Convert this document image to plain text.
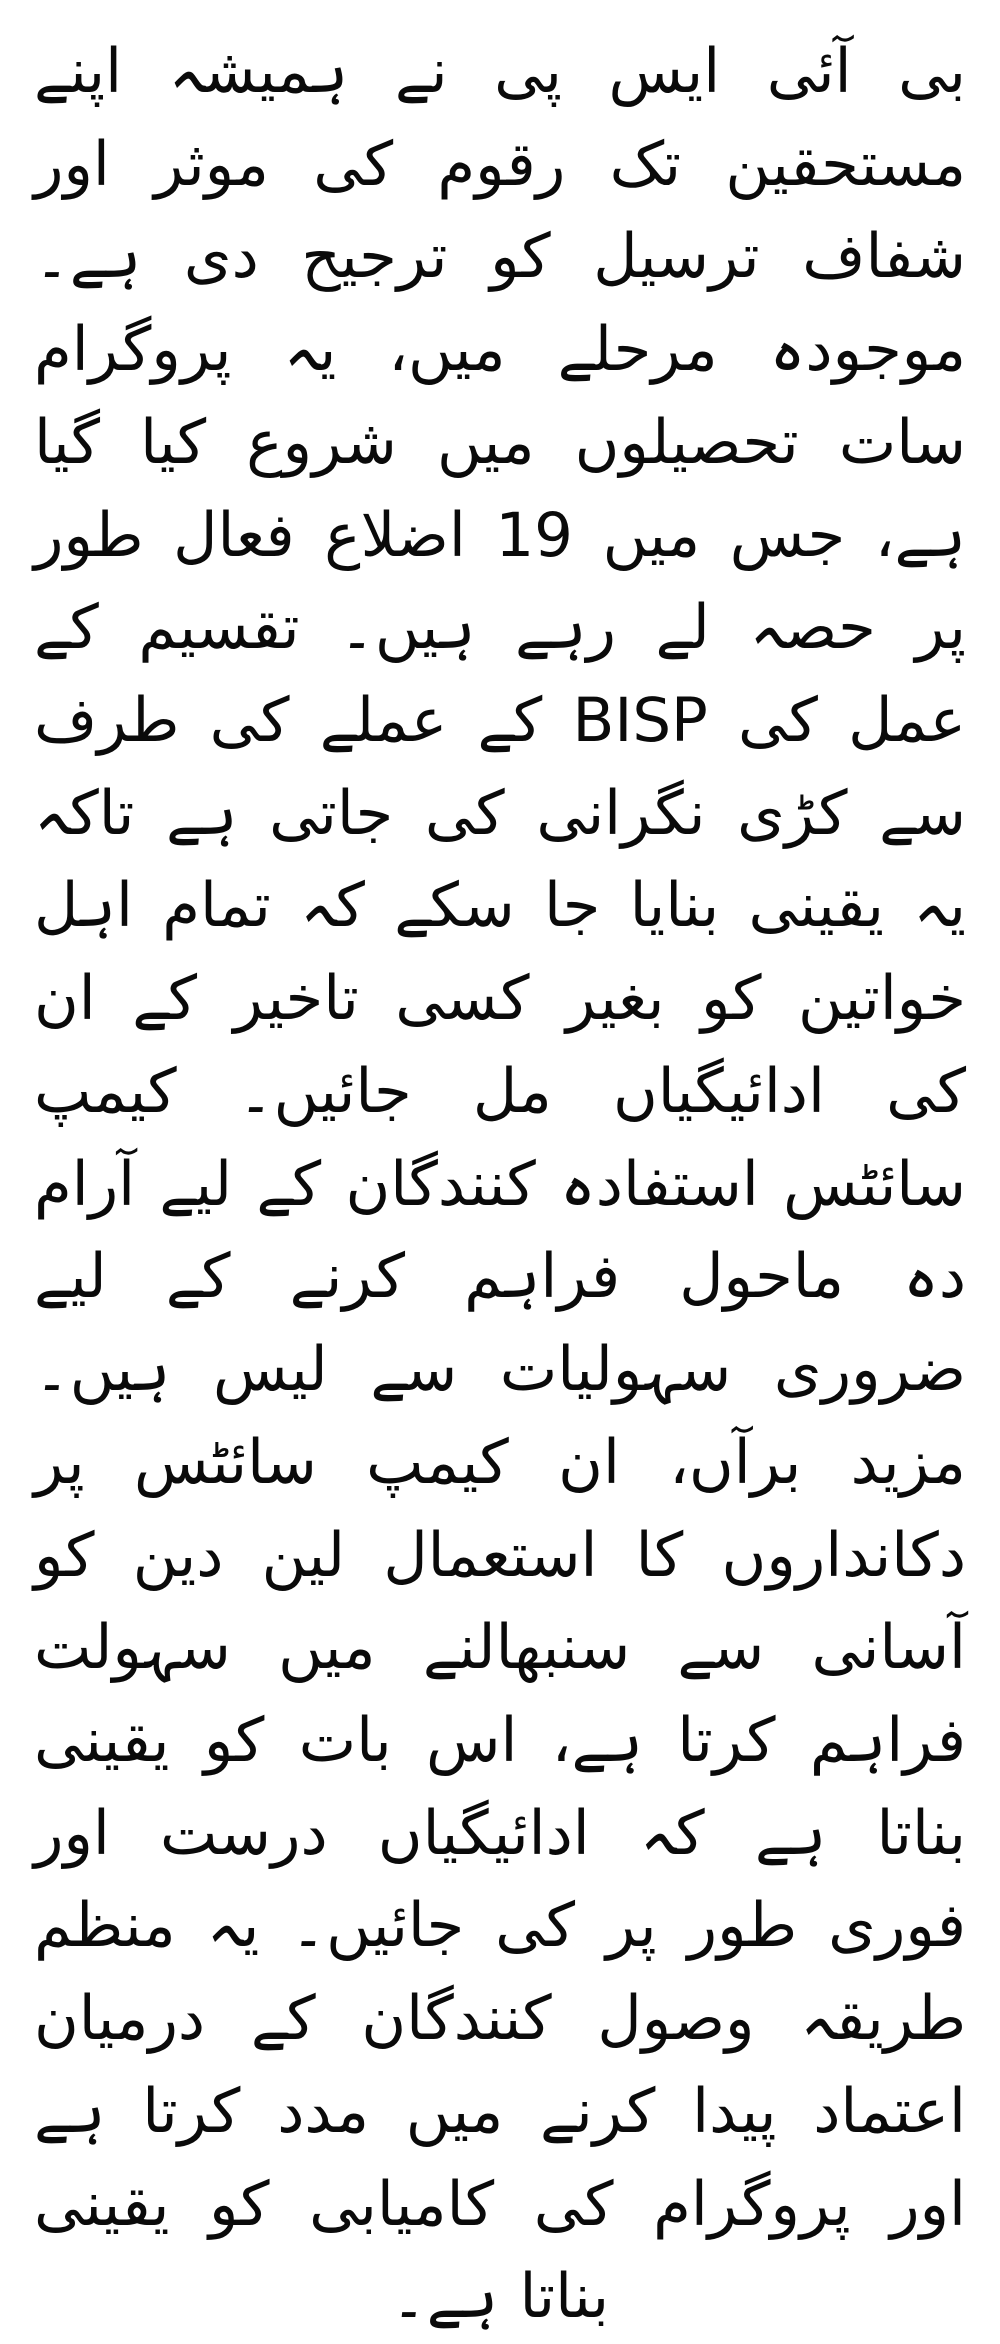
بی آئی ایس پی نے ہمیشہ اپنے مستحقین تک رقوم کی موثر اور شفاف ترسیل کو ترجیح دی ہے۔ موجودہ مرحلے میں، یہ پروگرام سات تحصیلوں میں شروع کیا گیا ہے، جس میں 19 اضلاع فعال طور پر حصہ لے رہے ہیں۔ تقسیم کے عمل کی BISP کے عملے کی طرف سے کڑی نگرانی کی جاتی ہے تاکہ یہ یقینی بنایا جا سکے کہ تمام اہل خواتین کو بغیر کسی تاخیر کے ان کی ادائیگیاں مل جائیں۔ کیمپ سائٹس استفادہ کنندگان کے لیے آرام دہ ماحول فراہم کرنے کے لیے ضروری سہولیات سے لیس ہیں۔ مزید برآں، ان کیمپ سائٹس پر دکانداروں کا استعمال لین دین کو آسانی سے سنبھالنے میں سہولت فراہم کرتا ہے، اس بات کو یقینی بناتا ہے کہ ادائیگیاں درست اور فوری طور پر کی جائیں۔ یہ منظم طریقہ وصول کنندگان کے درمیان اعتماد پیدا کرنے میں مدد کرتا ہے اور پروگرام کی کامیابی کو یقینی بناتا ہے۔
